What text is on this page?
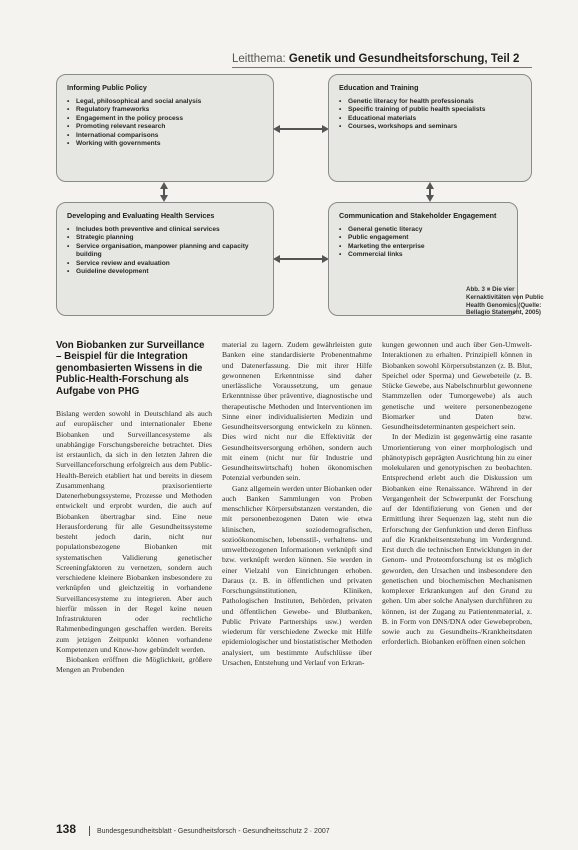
Leitthema: Genetik und Gesundheitsforschung, Teil 2
Informing Public Policy
• Legal, philosophical and social analysis
• Regulatory frameworks
• Engagement in the policy process
• Promoting relevant research
• International comparisons
• Working with governments
Education and Training
• Genetic literacy for health professionals
• Specific training of public health specialists
• Educational materials
• Courses, workshops and seminars
Developing and Evaluating Health Services
• Includes both preventive and clinical services
• Strategic planning
• Service organisation, manpower planning and capacity building
• Service review and evaluation
• Guideline development
Communication and Stakeholder Engagement
• General genetic literacy
• Public engagement
• Marketing the enterprise
• Commercial links
Abb. 3 ■ Die vier Kernaktivitäten von Public Health Genomics (Quelle: Bellagio Statement, 2005)
Von Biobanken zur Surveillance – Beispiel für die Integration genombasierten Wissens in die Public-Health-Forschung als Aufgabe von PHG

Bislang werden sowohl in Deutschland als auch auf europäischer und internationaler Ebene Biobanken und Surveillancesysteme als unabhängige Forschungsbereiche betrachtet. Dies ist erstaunlich, da sich in den letzten Jahren die Surveillanceforschung erfolgreich aus dem Public-Health-Bereich etabliert hat und bereits in diesem Zusammenhang praxisorientierte Datenerhebungssysteme, Prozesse und Methoden entwickelt und erprobt wurden, die auch auf Biobanken übertragbar sind. Eine neue Herausforderung für alle Gesundheitssysteme besteht jedoch darin, nicht nur populationsbezogene Biobanken mit systematischen Validierung genetischer Screeningfaktoren zu vernetzen, sondern auch verschiedene kleinere Biobanken insbesondere zu verknüpfen und gleichzeitig in vorhandene Surveillancesysteme zu integrieren. Aber auch hierfür müssen in der Regel keine neuen Infrastrukturen oder rechtliche Rahmenbedingungen geschaffen werden. Bereits zum jetzigen Zeitpunkt können vorhandene Kompetenzen und Know-how gebündelt werden.

Biobanken eröffnen die Möglichkeit, größere Mengen an Probenden

material zu lagern. Zudem gewährleisten gute Banken eine standardisierte Probenentnahme und Datenerfassung. Die mit ihrer Hilfe gewonnenen Erkenntnisse sind daher unerlässliche Voraussetzung, um genaue Erkenntnisse über präventive, diagnostische und therapeutische Methoden und Interventionen im Sinne einer individualisierten Medizin und Gesundheitsversorgung entwickeln zu können. Dies wird nicht nur die Effektivität der Gesundheitsversorgung erhöhen, sondern auch mit einem (nicht nur für Industrie und Gesundheitswirtschaft) hohen ökonomischen Potenzial verbunden sein.

Ganz allgemein werden unter Biobanken oder auch Banken Sammlungen von Proben menschlicher Körpersubstanzen verstanden, die mit personenbezogenen Daten wie etwa klinischen, soziodemografischen, sozioökonomischen, lebensstil-, verhaltens- und umweltbezogenen Informationen verknüpft sind bzw. verknüpft werden können. Sie werden in einer Vielzahl von Einrichtungen erhoben. Daraus (z. B. in öffentlichen und privaten Forschungsinstitutionen, Kliniken, Pathologischen Instituten, Behörden, privaten und öffentlichen Gewebe- und Blutbanken, Public Private Partnerships usw.) werden wiederum für verschiedene Zwecke mit Hilfe epidemiologischer und biostatistischer Methoden analysiert, um bestimmte Aufschlüsse über Ursachen, Entstehung und Verlauf von Erkran-

kungen gewonnen und auch über Gen-Umwelt-Interaktionen zu erhalten. Prinzipiell können in Biobanken sowohl Körpersubstanzen (z. B. Blut, Speichel oder Sperma) und Gewebeteile (z. B. Stücke Gewebe, aus Nabelschnurblut gewonnene Stammzellen oder Tumorgewebe) als auch genetische und weitere personenbezogene Biomarker und Daten bzw. Gesundheitsdeterminanten gespeichert sein.

In der Medizin ist gegenwärtig eine rasante Umorientierung von einer morphologisch und phänotypisch geprägten Ausrichtung hin zu einer molekularen und genotypischen zu beobachten. Entsprechend erlebt auch die Diskussion um Biobanken eine Renaissance. Während in der Vergangenheit der Schwerpunkt der Forschung auf der Identifizierung von Genen und der Ermittlung ihrer Sequenzen lag, steht nun die Erforschung der Genfunktion und deren Einfluss auf die Krankheitsentstehung im Vordergrund. Erst durch die technischen Entwicklungen in der Genom- und Proteomforschung ist es möglich geworden, den Ursachen und insbesondere den genetischen und biochemischen Mechanismen komplexer Erkrankungen auf den Grund zu gehen. Um aber solche Analysen durchführen zu können, ist der Zugang zu Patientenmaterial, z. B. in Form von DNS/DNA oder Gewebeproben, sowie auch zu Gesundheits-/Krankheitsdaten erforderlich. Biobanken eröffnen einen solchen

138	Bundesgesundheitsblatt - Gesundheitsforsch - Gesundheitsschutz 2 · 2007
